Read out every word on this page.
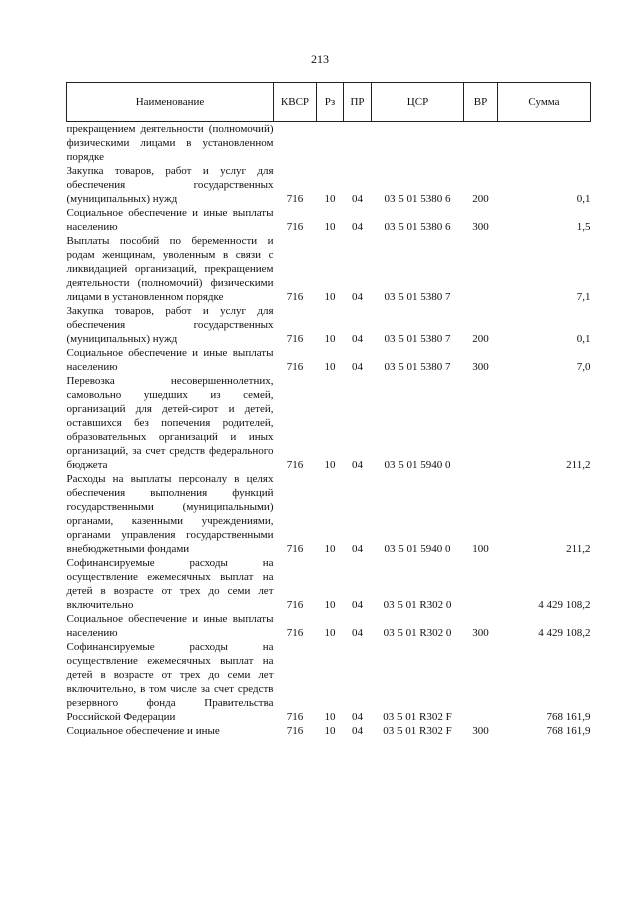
213
Наименование	КВСР	Рз	ПР	ЦСР	ВР	Сумма
прекращением деятельности (полномочий) физическими лицами в установленном порядке						
Закупка товаров, работ и услуг для обеспечения государственных (муниципальных) нужд	716	10	04	03 5 01 5380 6	200	0,1
Социальное обеспечение и иные выплаты населению	716	10	04	03 5 01 5380 6	300	1,5
Выплаты пособий по беременности и родам женщинам, уволенным в связи с ликвидацией организаций, прекращением деятельности (полномочий) физическими лицами в установленном порядке	716	10	04	03 5 01 5380 7		7,1
Закупка товаров, работ и услуг для обеспечения государственных (муниципальных) нужд	716	10	04	03 5 01 5380 7	200	0,1
Социальное обеспечение и иные выплаты населению	716	10	04	03 5 01 5380 7	300	7,0
Перевозка несовершеннолетних, самовольно ушедших из семей, организаций для детей-сирот и детей, оставшихся без попечения родителей, образовательных организаций и иных организаций, за счет средств федерального бюджета	716	10	04	03 5 01 5940 0		211,2
Расходы на выплаты персоналу в целях обеспечения выполнения функций государственными (муниципальными) органами, казенными учреждениями, органами управления государственными внебюджетными фондами	716	10	04	03 5 01 5940 0	100	211,2
Софинансируемые расходы на осуществление ежемесячных выплат на детей в возрасте от трех до семи лет включительно	716	10	04	03 5 01 R302 0		4 429 108,2
Социальное обеспечение и иные выплаты населению	716	10	04	03 5 01 R302 0	300	4 429 108,2
Софинансируемые расходы на осуществление ежемесячных выплат на детей в возрасте от трех до семи лет включительно, в том числе за счет средств резервного фонда Правительства Российской Федерации	716	10	04	03 5 01 R302 F		768 161,9
Социальное обеспечение и иные	716	10	04	03 5 01 R302 F	300	768 161,9
